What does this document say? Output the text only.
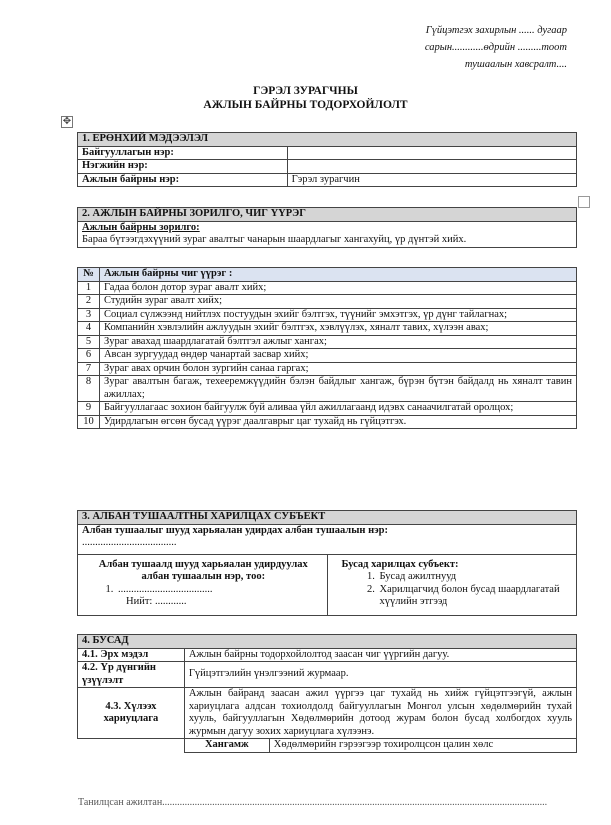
Гүйцэтгэх захирлын ...... дугаар
сарын............өдрийн .........тоот
тушаалын хавсралт....
ГЭРЭЛ ЗУРАГЧНЫ
АЖЛЫН БАЙРНЫ ТОДОРХОЙЛОЛТ
✥
1. ЕРӨНХИЙ МЭДЭЭЛЭЛ	
Байгууллагын нэр:	
Нэгжийн нэр:	
Ажлын байрны нэр:	Гэрэл зурагчин
2. АЖЛЫН БАЙРНЫ ЗОРИЛГО, ЧИГ ҮҮРЭГ
Ажлын байрны зорилго:
Бараа бүтээгдэхүүний зураг авалтыг чанарын шаардлагыг хангахуйц, үр дүнтэй хийх.
№	Ажлын байрны чиг үүрэг :
1	Гадаа болон дотор зураг авалт хийх;
2	Студийн зураг авалт хийх;
3	Социал сүлжээнд нийтлэх постуудын эхийг бэлтгэх, түүнийг эмхэтгэх, үр дүнг тайлагнах;
4	Компанийн хэвлэлийн ажлуудын эхийг бэлтгэх, хэвлүүлэх, хяналт тавих, хүлээн авах;
5	Зураг авахад шаардлагатай бэлтгэл ажлыг хангах;
6	Авсан зургуудад өндөр чанартай засвар хийх;
7	Зураг авах орчин болон зургийн санаа гаргах;
8	Зураг авалтын багаж, техееремжүүдийн бэлэн байдлыг хангаж, бүрэн бүтэн байдалд нь хяналт тавин ажиллах;
9	Байгууллагаас зохион байгуулж буй аливаа үйл ажиллагаанд идэвх санаачилгатай оролцох;
10	Удирдлагын өгсөн бусад үүрэг даалгаврыг цаг тухайд нь гүйцэтгэх.
3. АЛБАН ТУШААЛТНЫ ХАРИЛЦАХ СУБЪЕКТ

Албан тушаалыг шууд харьяалан удирдах албан тушаалын нэр:
....................................

Албан тушаалд шууд харьяалан удирдуулах албан тушаалын нэр, тоо:
1. ....................................
Нийт: ............

Бусад харилцах субъект:
1. Бусад ажилтнууд
2. Харилцагчид болон бусад шаардлагатай хүүлийн этгээд
4. БУСАД		
4.1. Эрх мэдэл	Ажлын байрны тодорхойлолтод заасан чиг үүргийн дагуу.	
4.2. Үр дүнгийн үзүүлэлт	Гүйцэтгэлийн үнэлгээний журмаар.	
4.3. Хүлээх хариуцлага	Ажлын байранд заасан ажил үүргээ цаг тухайд нь хийж гүйцэтгээгүй, ажлын хариуцлага алдсан тохиолдолд байгууллагын Монгол улсын хөдөлмөрийн тухай хууль, байгууллагын Хөдөлмөрийн дотоод журам болон бусад холбогдох хууль журмын дагуу зохих хариуцлага хүлээнэ.	
	Хангамж	Хөдөлмөрийн гэрээгээр тохиролцсон цалин хөлс
Танилцсан ажилтан..........................................................................................................................................................
